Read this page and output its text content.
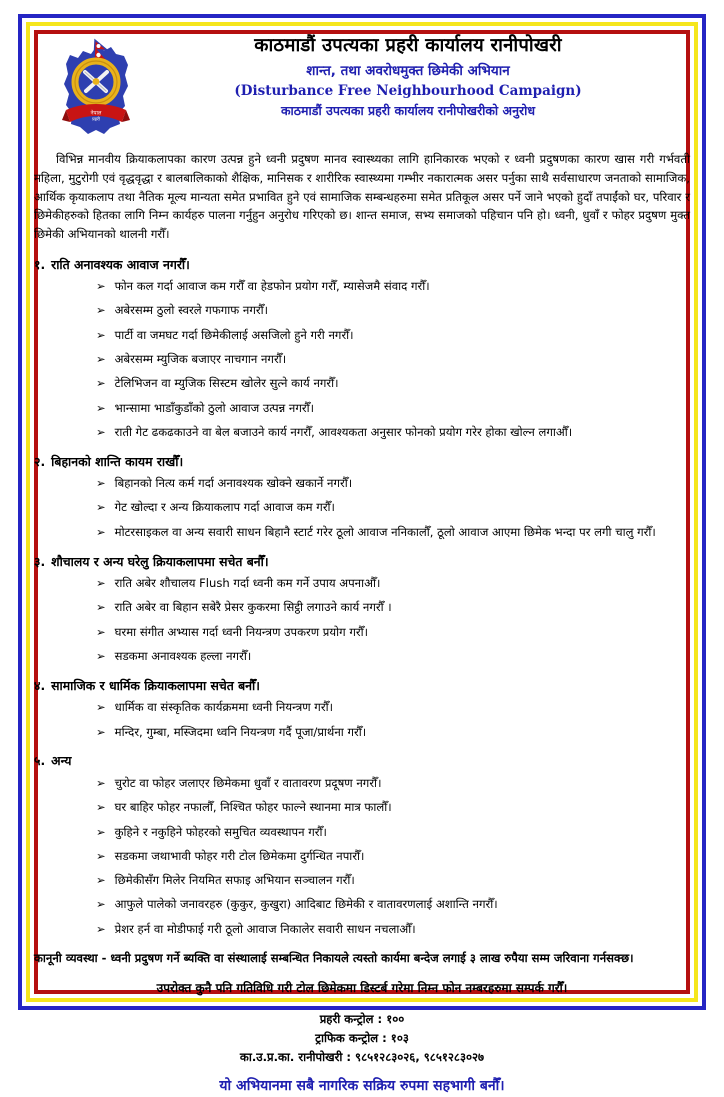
नेपाल
प्रहरी
काठमाडौं उपत्यका प्रहरी कार्यालय रानीपोखरी
शान्त, तथा अवरोधमुक्त छिमेकी अभियान
(Disturbance Free Neighbourhood Campaign)
काठमाडौं उपत्यका प्रहरी कार्यालय रानीपोखरीको अनुरोध

विभिन्न मानवीय क्रियाकलापका कारण उत्पन्न हुने ध्वनी प्रदुषण मानव स्वास्थ्यका लागि हानिकारक भएको र ध्वनी प्रदुषणका कारण खास गरी गर्भवती महिला, मुटुरोगी एवं वृद्धवृद्धा र बालबालिकाको शैक्षिक, मानिसक र शारीरिक स्वास्थ्यमा गम्भीर नकारात्मक असर पर्नुका साथै सर्वसाधारण जनताको सामाजिक, आर्थिक कृयाकलाप तथा नैतिक मूल्य मान्यता समेत प्रभावित हुने एवं सामाजिक सम्बन्धहरुमा समेत प्रतिकूल असर पर्ने जाने भएको हुदाँ तपाईंको घर, परिवार र छिमेकीहरुको हितका लागि निम्न कार्यहरु पालना गर्नुहुन अनुरोध गरिएको छ। शान्त समाज, सभ्य समाजको पहिचान पनि हो। ध्वनी, धुवाँ र फोहर प्रदुषण मुक्त छिमेकी अभियानको थालनी गरौँ।

१. राति अनावश्यक आवाज नगरौँ।
➢ फोन कल गर्दा आवाज कम गरौँ वा हेडफोन प्रयोग गरौँ, म्यासेजमै संवाद गरौँ।
➢ अबेरसम्म ठुलो स्वरले गफगाफ नगरौँ।
➢ पार्टी वा जमघट गर्दा छिमेकीलाई असजिलो हुने गरी नगरौँ।
➢ अबेरसम्म म्युजिक बजाएर नाचगान नगरौँ।
➢ टेलिभिजन वा म्युजिक सिस्टम खोलेर सुत्ने कार्य नगरौँ।
➢ भान्सामा भाडाँकुडाँको ठुलो आवाज उत्पन्न नगरौँ।
➢ राती गेट ढकढकाउने वा बेल बजाउने कार्य नगरौँ, आवश्यकता अनुसार फोनको प्रयोग गरेर होका खोल्न लगाऔँ।
२. बिहानको शान्ति कायम राखौँ।
➢ बिहानको नित्य कर्म गर्दा अनावश्यक खोक्ने खकार्ने नगरौँ।
➢ गेट खोल्दा र अन्य क्रियाकलाप गर्दा आवाज कम गरौँ।
➢ मोटरसाइकल वा अन्य सवारी साधन बिहानै स्टार्ट गरेर ठूलो आवाज ननिकालौँ, ठूलो आवाज आएमा छिमेक भन्दा पर लगी चालु गरौँ।
३. शौचालय र अन्य घरेलु क्रियाकलापमा सचेत बनौँ।
➢ राति अबेर शौचालय Flush गर्दा ध्वनी कम गर्ने उपाय अपनाऔँ।
➢ राति अबेर वा बिहान सबेरै प्रेसर कुकरमा सिट्ठी लगाउने कार्य नगरौँ ।
➢ घरमा संगीत अभ्यास गर्दा ध्वनी नियन्त्रण उपकरण प्रयोग गरौँ।
➢ सडकमा अनावश्यक हल्ला नगरौँ।
४. सामाजिक र धार्मिक क्रियाकलापमा सचेत बनौँ।
➢ धार्मिक वा संस्कृतिक कार्यक्रममा ध्वनी नियन्त्रण गरौँ।
➢ मन्दिर, गुम्बा, मस्जिदमा ध्वनि नियन्त्रण गर्दै पूजा/प्रार्थना गरौँ।
५. अन्य
➢ चुरोट वा फोहर जलाएर छिमेकमा धुवाँ र वातावरण प्रदूषण नगरौँ।
➢ घर बाहिर फोहर नफालौँ, निश्चित फोहर फाल्ने स्थानमा मात्र फालौँ।
➢ कुहिने र नकुहिने फोहरको समुचित व्यवस्थापन गरौँ।
➢ सडकमा जथाभावी फोहर गरी टोल छिमेकमा दुर्गन्धित नपारौँ।
➢ छिमेकीसँग मिलेर नियमित सफाइ अभियान सञ्चालन गरौँ।
➢ आफुले पालेको जनावरहरु (कुकुर, कुखुरा) आदिबाट छिमेकी र वातावरणलाई अशान्ति नगरौँ।
➢ प्रेशर हर्न वा मोडीफाई गरी ठूलो आवाज निकालेर सवारी साधन नचलाऔँ।

कानूनी व्यवस्था - ध्वनी प्रदुषण गर्ने ब्यक्ति वा संस्थालाई सम्बन्धित निकायले त्यस्तो कार्यमा बन्देज लगाई ३ लाख रुपैया सम्म जरिवाना गर्नसक्छ।

उपरोक्त कुनै पनि गतिविधि गरी टोल छिमेकमा डिस्टर्ब गरेमा निम्न फोन नम्बरहरुमा सम्पर्क गरौँ।

प्रहरी कन्ट्रोल : १००
ट्राफिक कन्ट्रोल : १०३
का.उ.प्र.का. रानीपोखरी : ९८५१२८३०२६, ९८५१२८३०२७

यो अभियानमा सबै नागरिक सक्रिय रुपमा सहभागी बनौँ।
